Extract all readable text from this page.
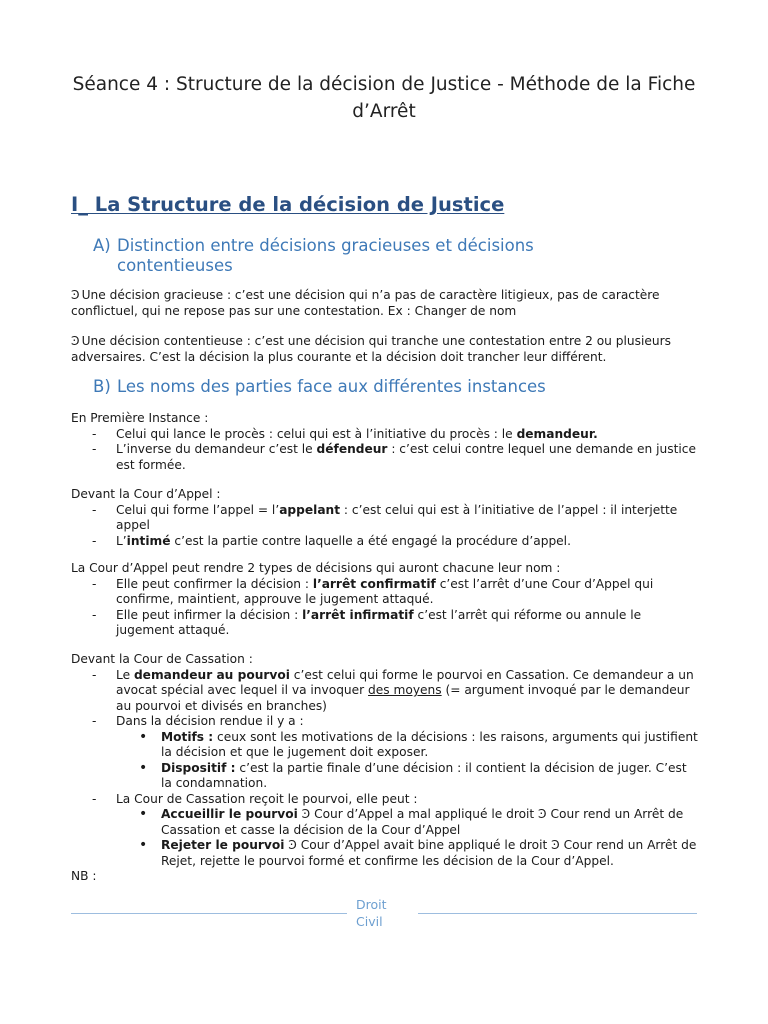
Séance 4 : Structure de la décision de Justice - Méthode de la Fiche d’Arrêt
I_ La Structure de la décision de Justice
A) Distinction entre décisions gracieuses et décisions
contentieuses

Ͽ Une décision gracieuse : c’est une décision qui n’a pas de caractère litigieux, pas de caractère conflictuel, qui ne repose pas sur une contestation. Ex : Changer de nom

Ͽ Une décision contentieuse : c’est une décision qui tranche une contestation entre 2 ou plusieurs adversaires. C’est la décision la plus courante et la décision doit trancher leur différent.

B) Les noms des parties face aux différentes instances

En Première Instance :

- Celui qui lance le procès : celui qui est à l’initiative du procès : le demandeur.
- L’inverse du demandeur c’est le défendeur : c’est celui contre lequel une demande en justice est formée.

Devant la Cour d’Appel :

- Celui qui forme l’appel = l’appelant : c’est celui qui est à l’initiative de l’appel : il interjette appel
- L’intimé c’est la partie contre laquelle a été engagé la procédure d’appel.

La Cour d’Appel peut rendre 2 types de décisions qui auront chacune leur nom :

- Elle peut confirmer la décision : l’arrêt confirmatif c’est l’arrêt d’une Cour d’Appel qui confirme, maintient, approuve le jugement attaqué.
- Elle peut infirmer la décision : l’arrêt infirmatif c’est l’arrêt qui réforme ou annule le jugement attaqué.

Devant la Cour de Cassation :

- Le demandeur au pourvoi c’est celui qui forme le pourvoi en Cassation. Ce demandeur a un avocat spécial avec lequel il va invoquer des moyens (= argument invoqué par le demandeur au pourvoi et divisés en branches)
- Dans la décision rendue il y a :
• Motifs : ceux sont les motivations de la décisions : les raisons, arguments qui justifient la décision et que le jugement doit exposer.
• Dispositif : c’est la partie finale d’une décision : il contient la décision de juger. C’est la condamnation.
- La Cour de Cassation reçoit le pourvoi, elle peut :
• Accueillir le pourvoi Ͽ Cour d’Appel a mal appliqué le droit Ͽ Cour rend un Arrêt de Cassation et casse la décision de la Cour d’Appel
• Rejeter le pourvoi Ͽ Cour d’Appel avait bine appliqué le droit Ͽ Cour rend un Arrêt de Rejet, rejette le pourvoi formé et confirme les décision de la Cour d’Appel.

NB :

Droit
Civil
